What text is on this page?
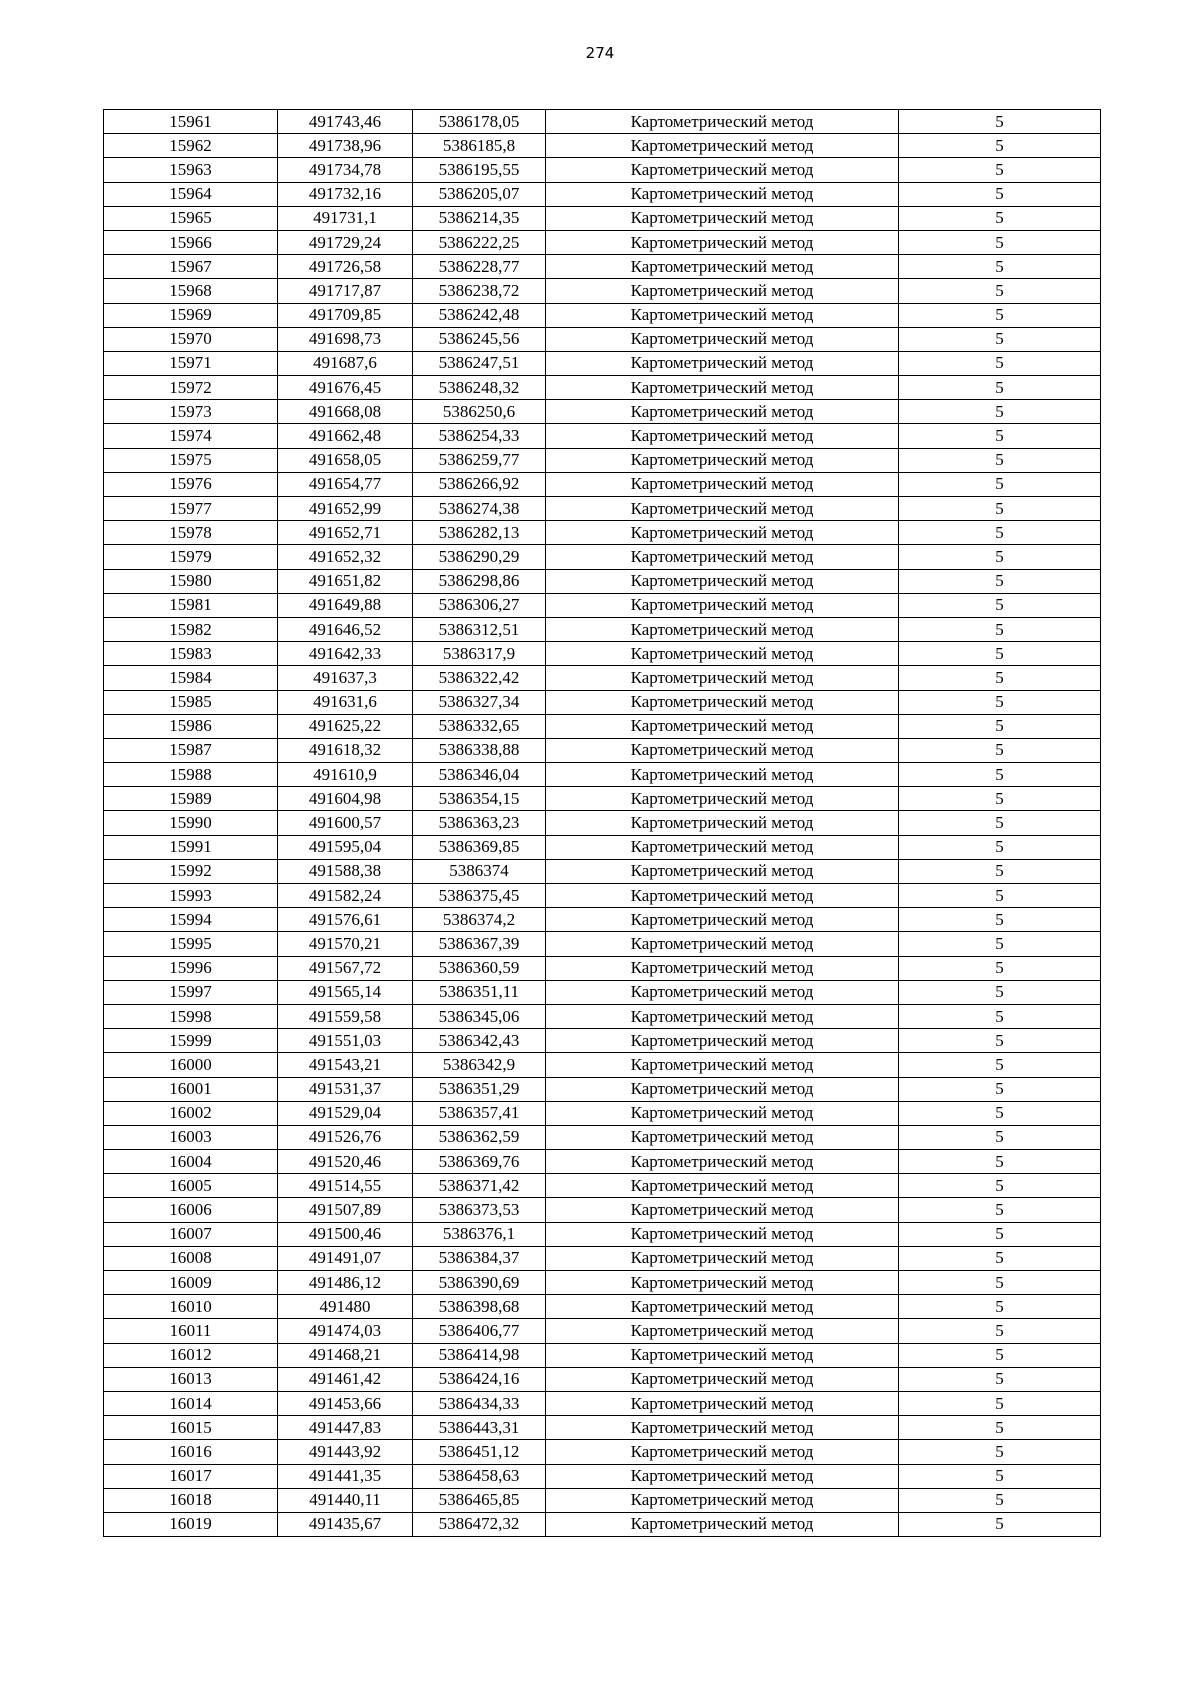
274
15961	491743,46	5386178,05	Картометрический метод	5
15962	491738,96	5386185,8	Картометрический метод	5
15963	491734,78	5386195,55	Картометрический метод	5
15964	491732,16	5386205,07	Картометрический метод	5
15965	491731,1	5386214,35	Картометрический метод	5
15966	491729,24	5386222,25	Картометрический метод	5
15967	491726,58	5386228,77	Картометрический метод	5
15968	491717,87	5386238,72	Картометрический метод	5
15969	491709,85	5386242,48	Картометрический метод	5
15970	491698,73	5386245,56	Картометрический метод	5
15971	491687,6	5386247,51	Картометрический метод	5
15972	491676,45	5386248,32	Картометрический метод	5
15973	491668,08	5386250,6	Картометрический метод	5
15974	491662,48	5386254,33	Картометрический метод	5
15975	491658,05	5386259,77	Картометрический метод	5
15976	491654,77	5386266,92	Картометрический метод	5
15977	491652,99	5386274,38	Картометрический метод	5
15978	491652,71	5386282,13	Картометрический метод	5
15979	491652,32	5386290,29	Картометрический метод	5
15980	491651,82	5386298,86	Картометрический метод	5
15981	491649,88	5386306,27	Картометрический метод	5
15982	491646,52	5386312,51	Картометрический метод	5
15983	491642,33	5386317,9	Картометрический метод	5
15984	491637,3	5386322,42	Картометрический метод	5
15985	491631,6	5386327,34	Картометрический метод	5
15986	491625,22	5386332,65	Картометрический метод	5
15987	491618,32	5386338,88	Картометрический метод	5
15988	491610,9	5386346,04	Картометрический метод	5
15989	491604,98	5386354,15	Картометрический метод	5
15990	491600,57	5386363,23	Картометрический метод	5
15991	491595,04	5386369,85	Картометрический метод	5
15992	491588,38	5386374	Картометрический метод	5
15993	491582,24	5386375,45	Картометрический метод	5
15994	491576,61	5386374,2	Картометрический метод	5
15995	491570,21	5386367,39	Картометрический метод	5
15996	491567,72	5386360,59	Картометрический метод	5
15997	491565,14	5386351,11	Картометрический метод	5
15998	491559,58	5386345,06	Картометрический метод	5
15999	491551,03	5386342,43	Картометрический метод	5
16000	491543,21	5386342,9	Картометрический метод	5
16001	491531,37	5386351,29	Картометрический метод	5
16002	491529,04	5386357,41	Картометрический метод	5
16003	491526,76	5386362,59	Картометрический метод	5
16004	491520,46	5386369,76	Картометрический метод	5
16005	491514,55	5386371,42	Картометрический метод	5
16006	491507,89	5386373,53	Картометрический метод	5
16007	491500,46	5386376,1	Картометрический метод	5
16008	491491,07	5386384,37	Картометрический метод	5
16009	491486,12	5386390,69	Картометрический метод	5
16010	491480	5386398,68	Картометрический метод	5
16011	491474,03	5386406,77	Картометрический метод	5
16012	491468,21	5386414,98	Картометрический метод	5
16013	491461,42	5386424,16	Картометрический метод	5
16014	491453,66	5386434,33	Картометрический метод	5
16015	491447,83	5386443,31	Картометрический метод	5
16016	491443,92	5386451,12	Картометрический метод	5
16017	491441,35	5386458,63	Картометрический метод	5
16018	491440,11	5386465,85	Картометрический метод	5
16019	491435,67	5386472,32	Картометрический метод	5
